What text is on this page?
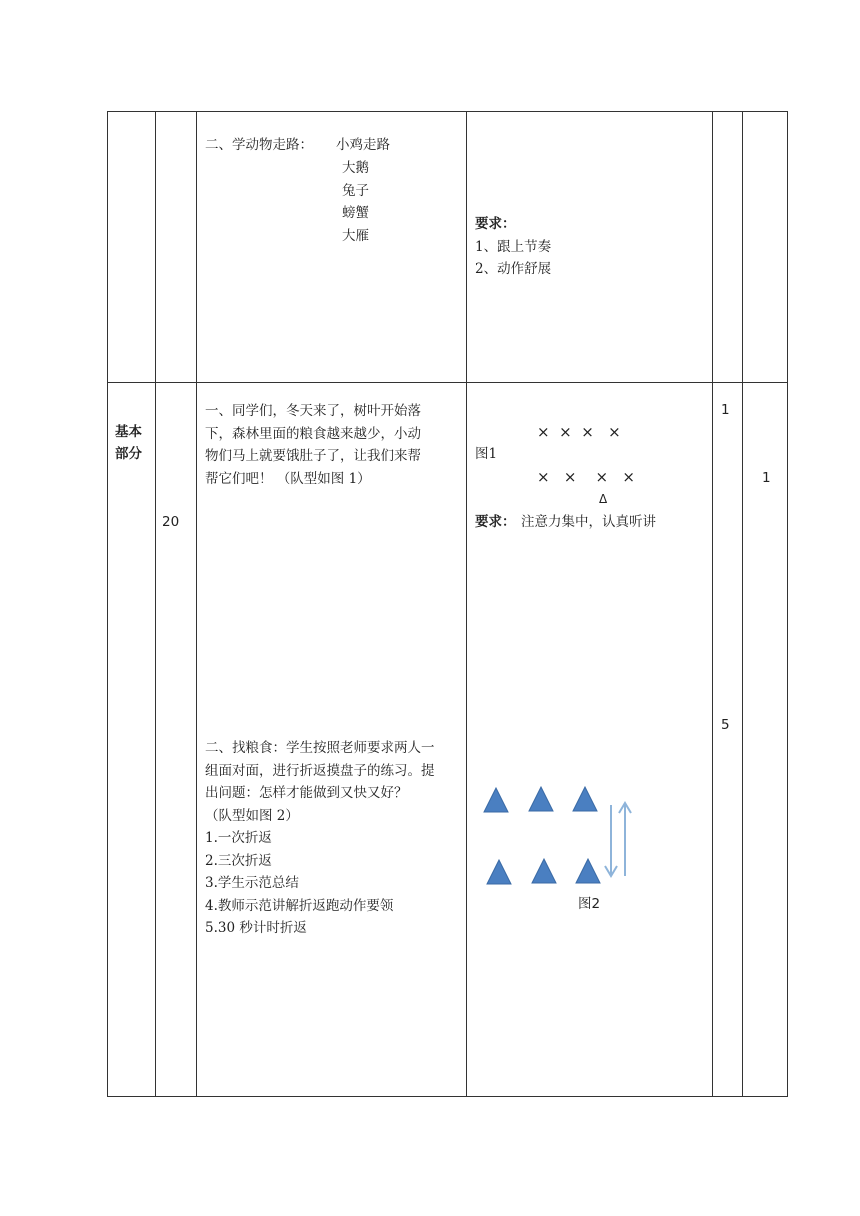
二、学动物走路： 小鸡走路
大鹅
兔子
螃蟹
大雁
要求：
1、跟上节奏
2、动作舒展
基本
部分
20
一、同学们，冬天来了，树叶开始落
下，森林里面的粮食越来越少，小动
物们马上就要饿肚子了，让我们来帮
帮它们吧！ （队型如图 1）
二、找粮食：学生按照老师要求两人一
组面对面，进行折返摸盘子的练习。提
出问题：怎样才能做到又快又好？
（队型如图 2）
1.一次折返
2.三次折返
3.学生示范总结
4.教师示范讲解折返跑动作要领
5.30 秒计时折返
×  ×  ×   ×
图1
×   ×    ×   ×
Δ
要求： 注意力集中，认真听讲
图2
1
5
1
